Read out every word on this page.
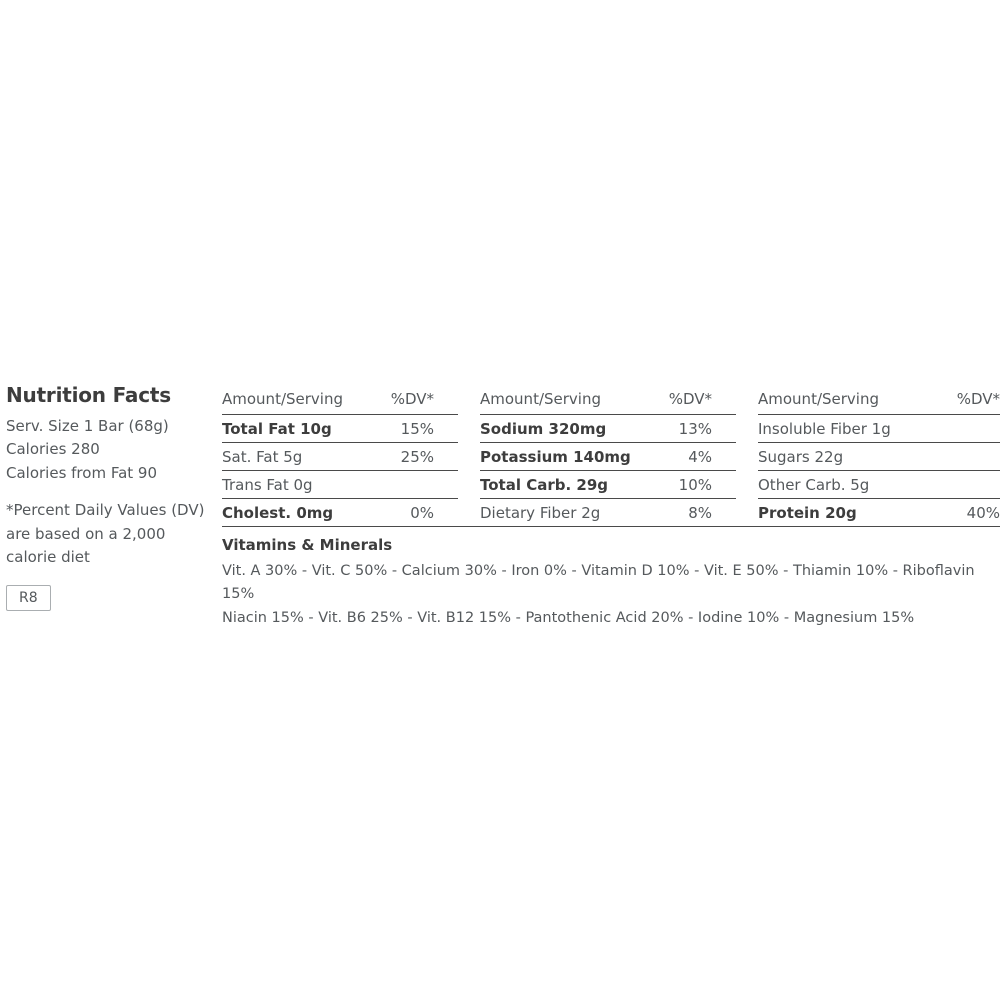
Nutrition Facts
Serv. Size 1 Bar (68g)
Calories 280
Calories from Fat 90
*Percent Daily Values (DV) are based on a 2,000 calorie diet
R8
Amount/Serving	%DV*
Total Fat 10g	15%
Sat. Fat 5g	25%
Trans Fat 0g
Cholest. 0mg	0%
Amount/Serving	%DV*
Sodium 320mg	13%
Potassium 140mg	4%
Total Carb. 29g	10%
Dietary Fiber 2g	8%
Amount/Serving	%DV*
Insoluble Fiber 1g
Sugars 22g
Other Carb. 5g
Protein 20g	40%
Vitamins & Minerals
Vit. A 30% - Vit. C 50% - Calcium 30% - Iron 0% - Vitamin D 10% - Vit. E 50% - Thiamin 10% - Riboflavin 15%
Niacin 15% - Vit. B6 25% - Vit. B12 15% - Pantothenic Acid 20% - Iodine 10% - Magnesium 15%
